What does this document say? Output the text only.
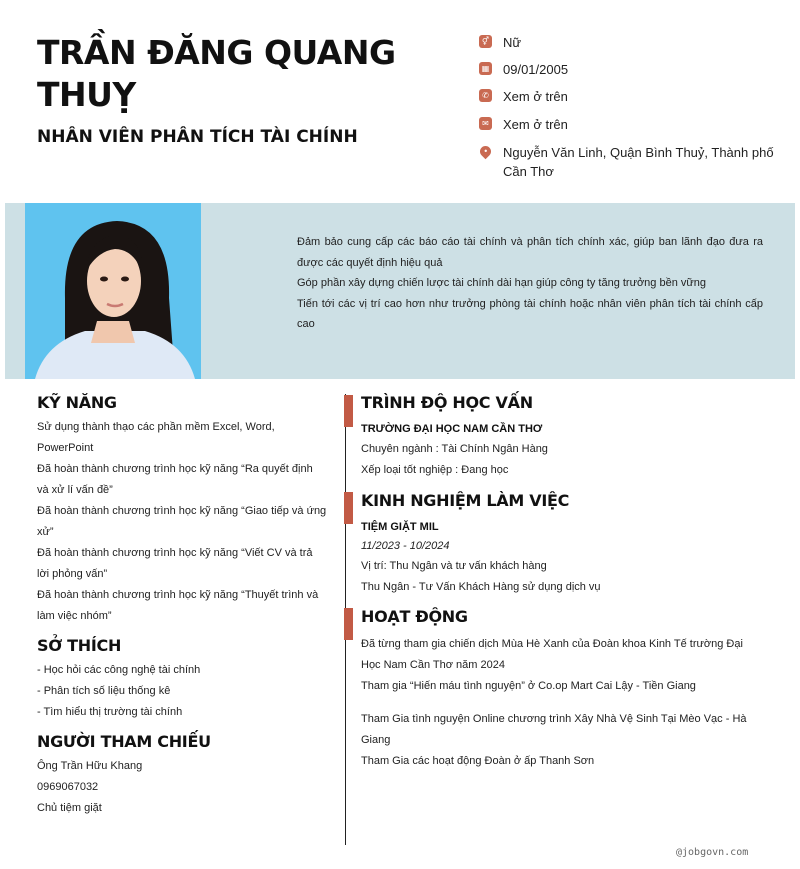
TRẦN ĐĂNG QUANG THUỴ
NHÂN VIÊN PHÂN TÍCH TÀI CHÍNH
⚥ Nữ
▦ 09/01/2005
✆ Xem ở trên
✉ Xem ở trên
• Nguyễn Văn Linh, Quận Bình Thuỷ, Thành phố Cần Thơ

Đảm bảo cung cấp các báo cáo tài chính và phân tích chính xác, giúp ban lãnh đạo đưa ra được các quyết định hiệu quả

Góp phần xây dựng chiến lược tài chính dài hạn giúp công ty tăng trưởng bền vững

Tiến tới các vị trí cao hơn như trưởng phòng tài chính hoặc nhân viên phân tích tài chính cấp cao

KỸ NĂNG
Sử dụng thành thạo các phần mềm Excel, Word, PowerPoint
Đã hoàn thành chương trình học kỹ năng “Ra quyết định và xử lí vấn đề”
Đã hoàn thành chương trình học kỹ năng “Giao tiếp và ứng xử”
Đã hoàn thành chương trình học kỹ năng “Viết CV và trả lời phỏng vấn”
Đã hoàn thành chương trình học kỹ năng “Thuyết trình và làm việc nhóm”
SỞ THÍCH
- Học hỏi các công nghệ tài chính
- Phân tích số liệu thống kê
- Tìm hiểu thị trường tài chính
NGƯỜI THAM CHIẾU
Ông Trần Hữu Khang
0969067032
Chủ tiệm giặt
TRÌNH ĐỘ HỌC VẤN
TRƯỜNG ĐẠI HỌC NAM CẦN THƠ
Chuyên ngành : Tài Chính Ngân Hàng
Xếp loại tốt nghiệp : Đang học
KINH NGHIỆM LÀM VIỆC
TIỆM GIẶT MIL
11/2023 - 10/2024
Vị trí: Thu Ngân và tư vấn khách hàng
Thu Ngân - Tư Vấn Khách Hàng sử dụng dịch vụ
HOẠT ĐỘNG
Đã từng tham gia chiến dịch Mùa Hè Xanh của Đoàn khoa Kinh Tế trường Đại Học Nam Cần Thơ năm 2024
Tham gia “Hiến máu tình nguyện” ở Co.op Mart Cai Lậy - Tiền Giang
Tham Gia tình nguyện Online chương trình Xây Nhà Vệ Sinh Tại Mèo Vạc - Hà Giang
Tham Gia các hoạt động Đoàn ở ấp Thanh Sơn
@jobgovn.com
